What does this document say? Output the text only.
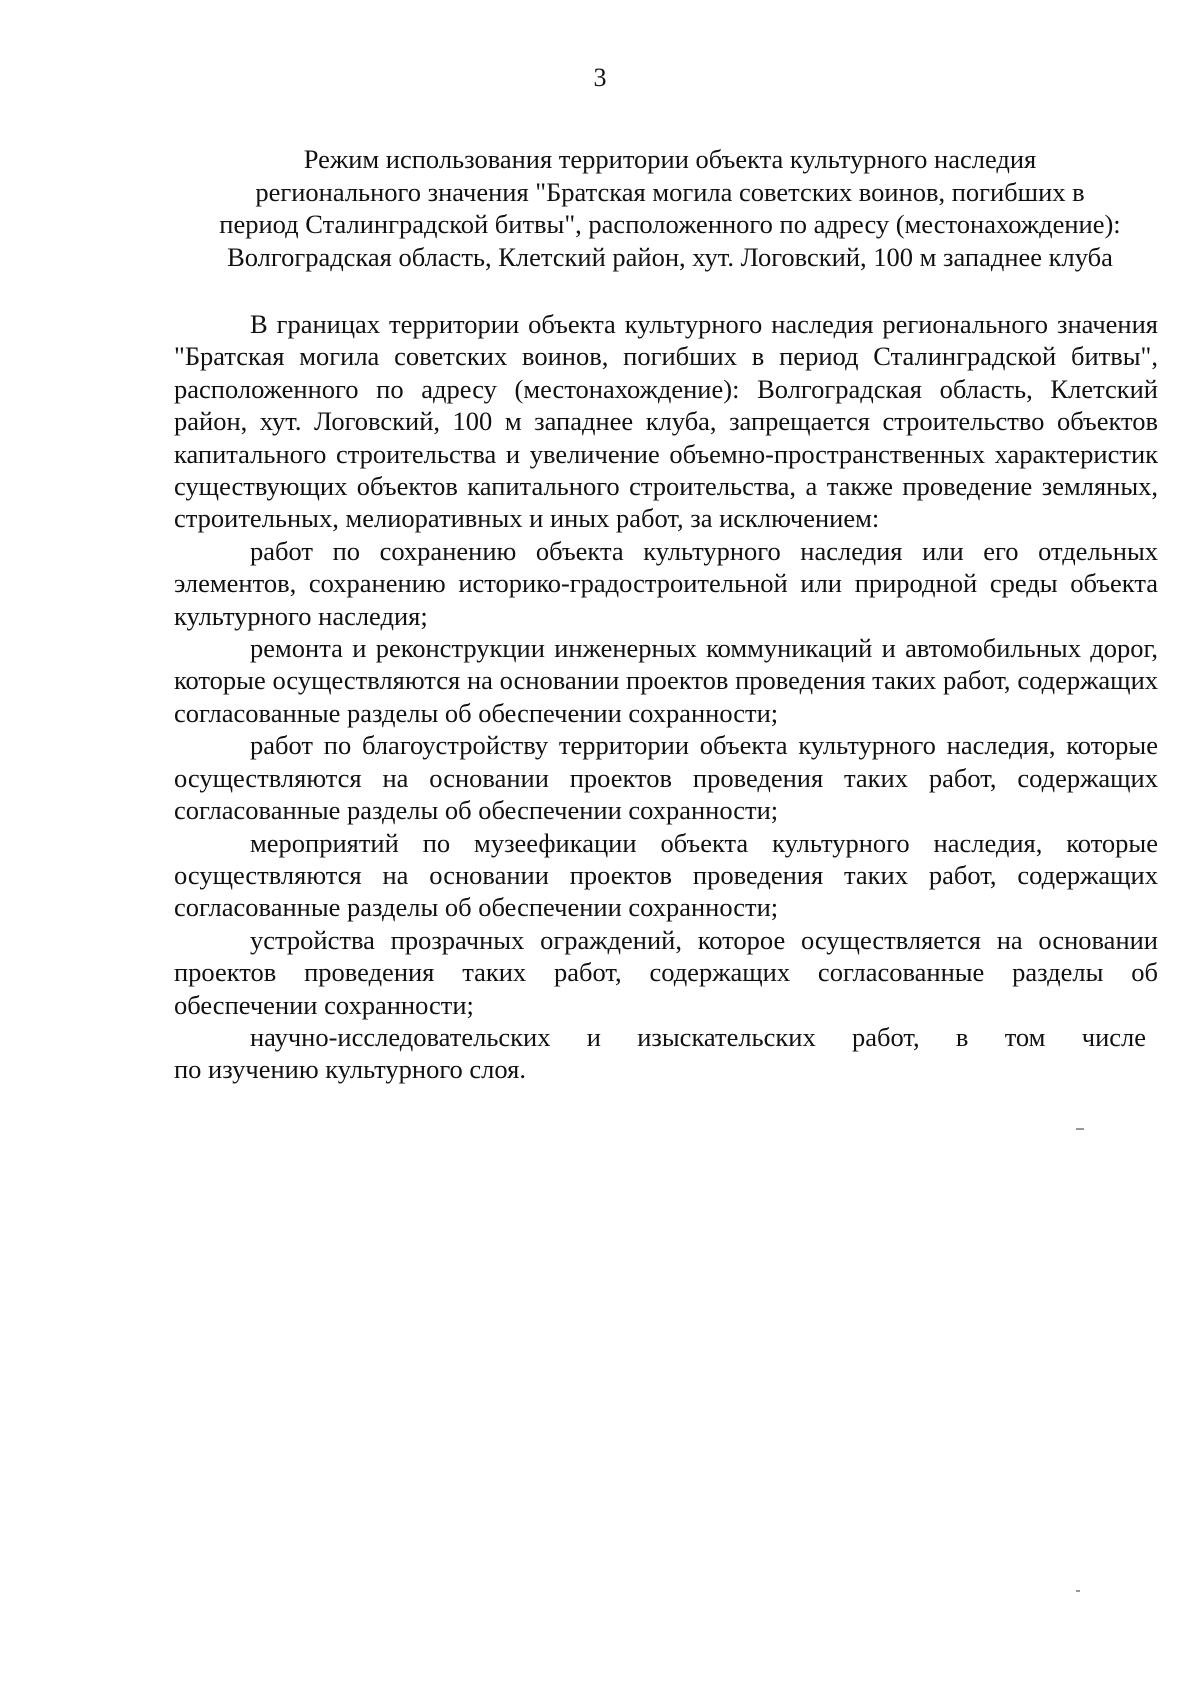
3
Режим использования территории объекта культурного наследия
регионального значения "Братская могила советских воинов, погибших в
период Сталинградской битвы", расположенного по адресу (местонахождение):
Волгоградская область, Клетский район, хут. Логовский, 100 м западнее клуба

В границах территории объекта культурного наследия регионального значения "Братская могила советских воинов, погибших в период Сталинградской битвы", расположенного по адресу (местонахождение): Волгоградская область, Клетский район, хут. Логовский, 100 м западнее клуба, запрещается строительство объектов капитального строительства и увеличение объемно-пространственных характеристик существующих объектов капитального строительства, а также проведение земляных, строительных, мелиоративных и иных работ, за исключением:

работ по сохранению объекта культурного наследия или его отдельных элементов, сохранению историко-градостроительной или природной среды объекта культурного наследия;

ремонта и реконструкции инженерных коммуникаций и автомобильных дорог, которые осуществляются на основании проектов проведения таких работ, содержащих согласованные разделы об обеспечении сохранности;

работ по благоустройству территории объекта культурного наследия, которые осуществляются на основании проектов проведения таких работ, содержащих согласованные разделы об обеспечении сохранности;

мероприятий по музеефикации объекта культурного наследия, которые осуществляются на основании проектов проведения таких работ, содержащих согласованные разделы об обеспечении сохранности;

устройства прозрачных ограждений, которое осуществляется на основании проектов проведения таких работ, содержащих согласованные разделы об обеспечении сохранности;

научно-исследовательских и изыскательских работ, в том числе

по изучению культурного слоя.
